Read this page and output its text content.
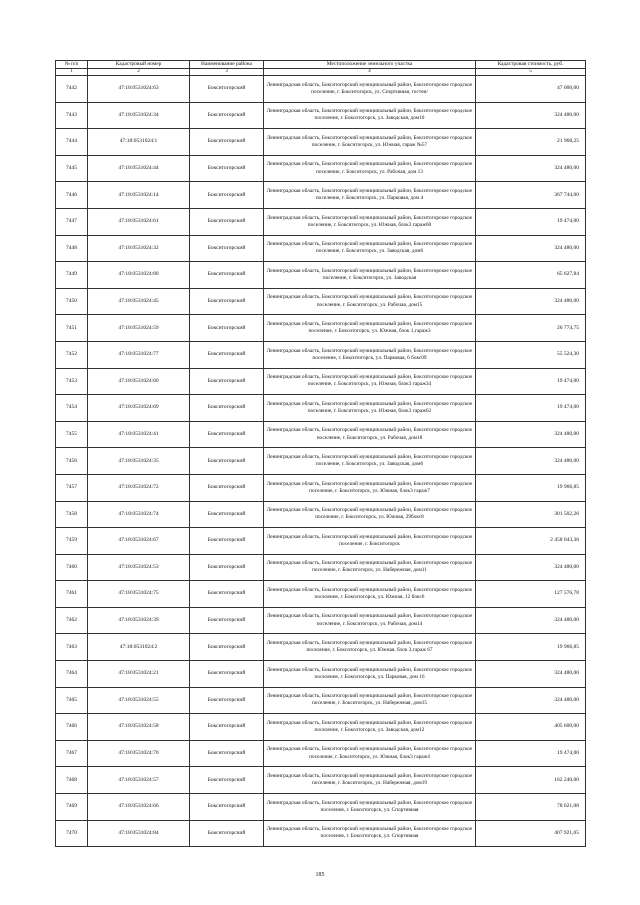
№ п/п	Кадастровый номер	Наименование района	Местоположение земельного участка	Кадастровая стоимость, руб.
1	2	3	4	5
7442	47:18:0531024:63	Бокситогорский	Ленинградская область, Бокситогорский муниципальный район, Бокситогорское городское поселение, г. Бокситогорск, ул. Спортивная, гостен/	47 000,00
7443	47:18:0531024:34	Бокситогорский	Ленинградская область, Бокситогорский муниципальный район, Бокситогорское городское поселение, г. Бокситогорск, ул. Заводская, дом10	324 480,00
7444	47:18:0531024:1	Бокситогорский	Ленинградская область, Бокситогорский муниципальный район, Бокситогорское городское поселение, г. Бокситогорск, ул. Южная, гараж №57	21 968,25
7445	47:18:0531024:44	Бокситогорский	Ленинградская область, Бокситогорский муниципальный район, Бокситогорское городское поселение, г. Бокситогорск, ул. Рабочая, дом 13	324 480,00
7446	47:18:0531024:14	Бокситогорский	Ленинградская область, Бокситогорский муниципальный район, Бокситогорское городское поселение, г. Бокситогорск, ул. Парковая, дом 4	367 744,00
7447	47:18:0531024:61	Бокситогорский	Ленинградская область, Бокситогорский муниципальный район, Бокситогорское городское поселение, г. Бокситогорск, ул. Южная, блок3 гараж68	19 474,00
7448	47:18:0531024:32	Бокситогорский	Ленинградская область, Бокситогорский муниципальный район, Бокситогорское городское поселение, г. Бокситогорск, ул. Заводская, дом6	324 480,00
7449	47:18:0531024:80	Бокситогорский	Ленинградская область, Бокситогорский муниципальный район, Бокситогорское городское поселение, г. Бокситогорск, ул. Заводская	65 627,84
7450	47:18:0531024:45	Бокситогорский	Ленинградская область, Бокситогорский муниципальный район, Бокситогорское городское поселение, г. Бокситогорск, ул. Рабочая, дом15	324 480,00
7451	47:18:0531024:59	Бокситогорский	Ленинградская область, Бокситогорский муниципальный район, Бокситогорское городское поселение, г. Бокситогорск, ул. Южная, блок 1,гараж3	26 774,75
7452	47:18:0531024:77	Бокситогорский	Ленинградская область, Бокситогорский муниципальный район, Бокситогорское городское поселение, г. Бокситогорск, ул. Парковая, 6 бокс09	55 524,30
7453	47:18:0531024:60	Бокситогорский	Ленинградская область, Бокситогорский муниципальный район, Бокситогорское городское поселение, г. Бокситогорск, ул. Южная, блок3 гараж34	19 474,00
7454	47:18:0531024:69	Бокситогорский	Ленинградская область, Бокситогорский муниципальный район, Бокситогорское городское поселение, г. Бокситогорск, ул. Южная, блок3 гараж62	19 474,00
7455	47:18:0531024:41	Бокситогорский	Ленинградская область, Бокситогорский муниципальный район, Бокситогорское городское поселение, г. Бокситогорск, ул. Рабочая, дом18	324 480,00
7456	47:18:0531024:35	Бокситогорский	Ленинградская область, Бокситогорский муниципальный район, Бокситогорское городское поселение, г. Бокситогорск, ул. Заводская, дом6	324 480,00
7457	47:18:0531024:72	Бокситогорский	Ленинградская область, Бокситогорский муниципальный район, Бокситогорское городское поселение, г. Бокситогорск, ул. Южная, блок3 гараж7	19 966,85
7458	47:18:0531024:74	Бокситогорский	Ленинградская область, Бокситогорский муниципальный район, Бокситогорское городское поселение, г. Бокситогорск, ул. Южная, 29бокс8	301 502,26
7459	47:18:0531024:67	Бокситогорский	Ленинградская область, Бокситогорский муниципальный район, Бокситогорское городское поселение, г. Бокситогорск	2 458 043,36
7460	47:18:0531024:53	Бокситогорский	Ленинградская область, Бокситогорский муниципальный район, Бокситогорское городское поселение, г. Бокситогорск, ул. Набережная, дом11	324 480,00
7461	47:18:0531024:75	Бокситогорский	Ленинградская область, Бокситогорский муниципальный район, Бокситогорское городское поселение, г. Бокситогорск, ул. Южная, 12 бокс6	127 576,78
7462	47:18:0531024:39	Бокситогорский	Ленинградская область, Бокситогорский муниципальный район, Бокситогорское городское поселение, г. Бокситогорск, ул. Рабочая, дом14	324 480,00
7463	47:18:0531024:2	Бокситогорский	Ленинградская область, Бокситогорский муниципальный район, Бокситогорское городское поселение, г. Бокситогорск, ул. Южная, блок 3,гараж 67	19 966,85
7464	47:18:0531024:21	Бокситогорский	Ленинградская область, Бокситогорский муниципальный район, Бокситогорское городское поселение, г. Бокситогорск, ул. Парковая, дом 16	324 480,00
7465	47:18:0531024:55	Бокситогорский	Ленинградская область, Бокситогорский муниципальный район, Бокситогорское городское поселение, г. Бокситогорск, ул. Набережная, дом15	324 480,00
7466	47:18:0531024:58	Бокситогорский	Ленинградская область, Бокситогорский муниципальный район, Бокситогорское городское поселение, г. Бокситогорск, ул. Заводская, дом12	405 600,00
7467	47:18:0531024:70	Бокситогорский	Ленинградская область, Бокситогорский муниципальный район, Бокситогорское городское поселение, г. Бокситогорск, ул. Южная, блок3 гараж4	19 474,00
7468	47:18:0531024:57	Бокситогорский	Ленинградская область, Бокситогорский муниципальный район, Бокситогорское городское поселение, г. Бокситогорск, ул. Набережная, дом19	162 240,00
7469	47:18:0531024:66	Бокситогорский	Ленинградская область, Бокситогорский муниципальный район, Бокситогорское городское поселение, г. Бокситогорск, ул. Спортивная	78 021,08
7470	47:18:0531024:84	Бокситогорский	Ленинградская область, Бокситогорский муниципальный район, Бокситогорское городское поселение, г. Бокситогорск, ул. Спортивная	407 921,05
185
